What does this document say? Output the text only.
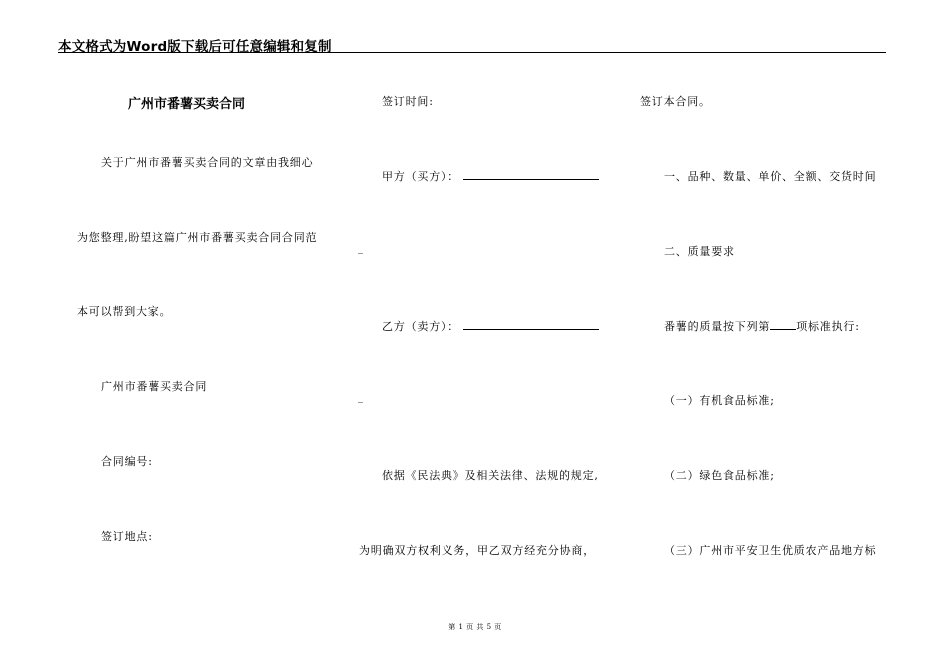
本文格式为Word版下载后可任意编辑和复制
广州市番薯买卖合同
关于广州市番薯买卖合同的文章由我细心
为您整理,盼望这篇广州市番薯买卖合同合同范
本可以帮到大家。
广州市番薯买卖合同
合同编号:
签订地点:
签订时间:
甲方（买方）：
_
乙方（卖方）：
_
依据《民法典》及相关法律、法规的规定,
为明确双方权利义务，甲乙双方经充分协商，
签订本合同。
一、品种、数量、单价、全额、交货时间
二、质量要求
番薯的质量按下列第 项标准执行:
（一）有机食品标准;
（二）绿色食品标准;
（三）广州市平安卫生优质农产品地方标
第 1 页 共 5 页
